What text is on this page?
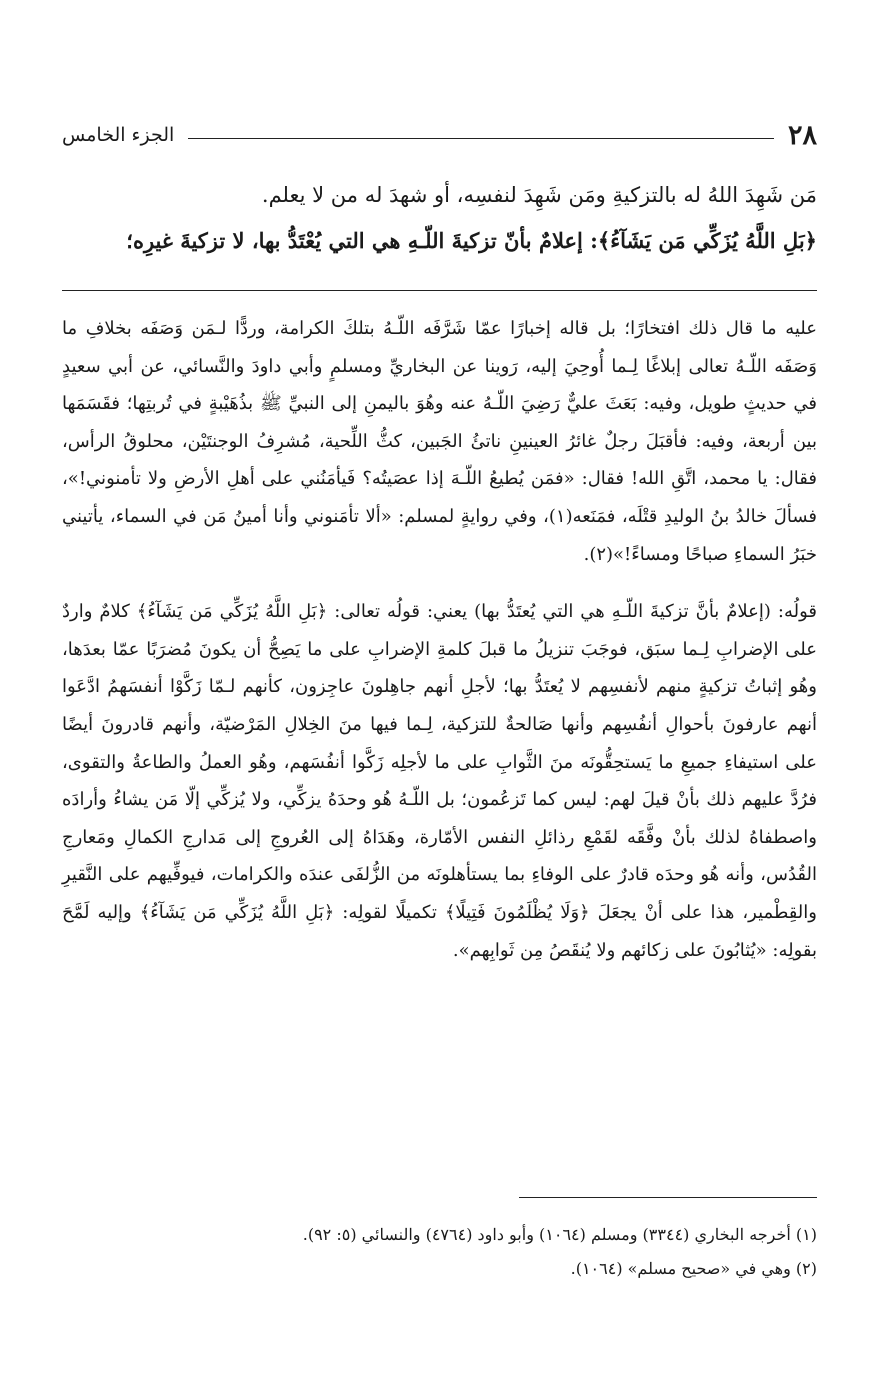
٢٨
الجزء الخامس

مَن شَهِدَ اللهُ له بالتزكيةِ ومَن شَهِدَ لنفسِه، أو شهدَ له من لا يعلم.

﴿بَلِ اللَّهُ يُزَكِّي مَن يَشَآءُ﴾: إعلامٌ بأنّ تزكيةَ اللّـهِ هي التي يُعْتَدُّ بها، لا تزكيةَ غيرِه؛

عليه ما قال ذلك افتخارًا؛ بل قاله إخبارًا عمّا شَرَّفَه اللّـهُ بتلكَ الكرامة، وردًّا لـمَن وَصَفَه بخلافِ ما وَصَفَه اللّـهُ تعالى إبلاغًا لِـما أُوحِيَ إليه، رَوينا عن البخاريِّ ومسلمٍ وأبي داودَ والنَّسائي، عن أبي سعيدٍ في حديثٍ طويل، وفيه: بَعَثَ عليٌّ رَضِيَ اللّـهُ عنه وهُوَ باليمنِ إلى النبيِّ ﷺ بذُهَيْبةٍ في تُربتِها؛ فقَسَمَها بين أربعة، وفيه: فأقبَلَ رجلٌ غائرُ العينينِ ناتئُ الجَبين، كثُّ اللِّحية، مُشرِفُ الوجنتَيْن، محلوقُ الرأس، فقال: يا محمد، اتَّقِ الله! فقال: «فمَن يُطيعُ اللّـهَ إذا عصَيتُه؟ فَيأمَنُني على أهلِ الأرضِ ولا تأمنوني!»، فسألَ خالدُ بنُ الوليدِ قتْلَه، فمَنَعه(١)، وفي روايةٍ لمسلم: «ألا تأمَنوني وأنا أمينُ مَن في السماء، يأتيني خبَرُ السماءِ صباحًا ومساءً!»(٢).

قولُه: (إعلامٌ بأنَّ تزكيةَ اللّـهِ هي التي يُعتَدُّ بها) يعني: قولُه تعالى: ﴿بَلِ اللَّهُ يُزَكِّي مَن يَشَآءُ﴾ كلامٌ واردٌ على الإضرابِ لِـما سبَق، فوجَبَ تنزيلُ ما قبلَ كلمةِ الإضرابِ على ما يَصِحُّ أن يكونَ مُضرَبًا عمّا بعدَها، وهُو إثباتُ تزكيةٍ منهم لأنفسِهم لا يُعتَدُّ بها؛ لأجلِ أنهم جاهِلونَ عاجِزون، كأنهم لـمّا زَكَّوْا أنفسَهمُ ادَّعَوا أنهم عارفونَ بأحوالِ أنفُسِهم وأنها صَالحةٌ للتزكية، لِـما فيها منَ الخِلالِ المَرْضيّة، وأنهم قادرونَ أيضًا على استيفاءِ جميعِ ما يَستحِقُّونَه منَ الثَّوابِ على ما لأجلِه زَكَّوا أنفُسَهم، وهُو العملُ والطاعةُ والتقوى، فرُدَّ عليهم ذلك بأنْ قيلَ لهم: ليس كما تَزعُمون؛ بل اللّـهُ هُو وحدَهُ يزكِّي، ولا يُزكِّي إلّا مَن يشاءُ وأرادَه واصطفاهُ لذلك بأنْ وفَّقَه لقَمْعِ رذائلِ النفس الأمّارة، وهَدَاهُ إلى العُروجِ إلى مَدارجِ الكمالِ ومَعارجِ القُدُس، وأنه هُو وحدَه قادرٌ على الوفاءِ بما يستأهلونَه من الزُّلفَى عندَه والكرامات، فيوفِّيهم على النَّقيرِ والقِطْمير، هذا على أنْ يجعَلَ ﴿وَلَا يُظْلَمُونَ فَتِيلًا﴾ تكميلًا لقولِه: ﴿بَلِ اللَّهُ يُزَكِّي مَن يَشَآءُ﴾ وإليه لَمَّحَ بقولِه: «يُثابُونَ على زكائهم ولا يُنقَصُ مِن ثَوابِهم».

(١) أخرجه البخاري (٣٣٤٤) ومسلم (١٠٦٤) وأبو داود (٤٧٦٤) والنسائي (٥: ٩٢).

(٢) وهي في «صحيح مسلم» (١٠٦٤).
